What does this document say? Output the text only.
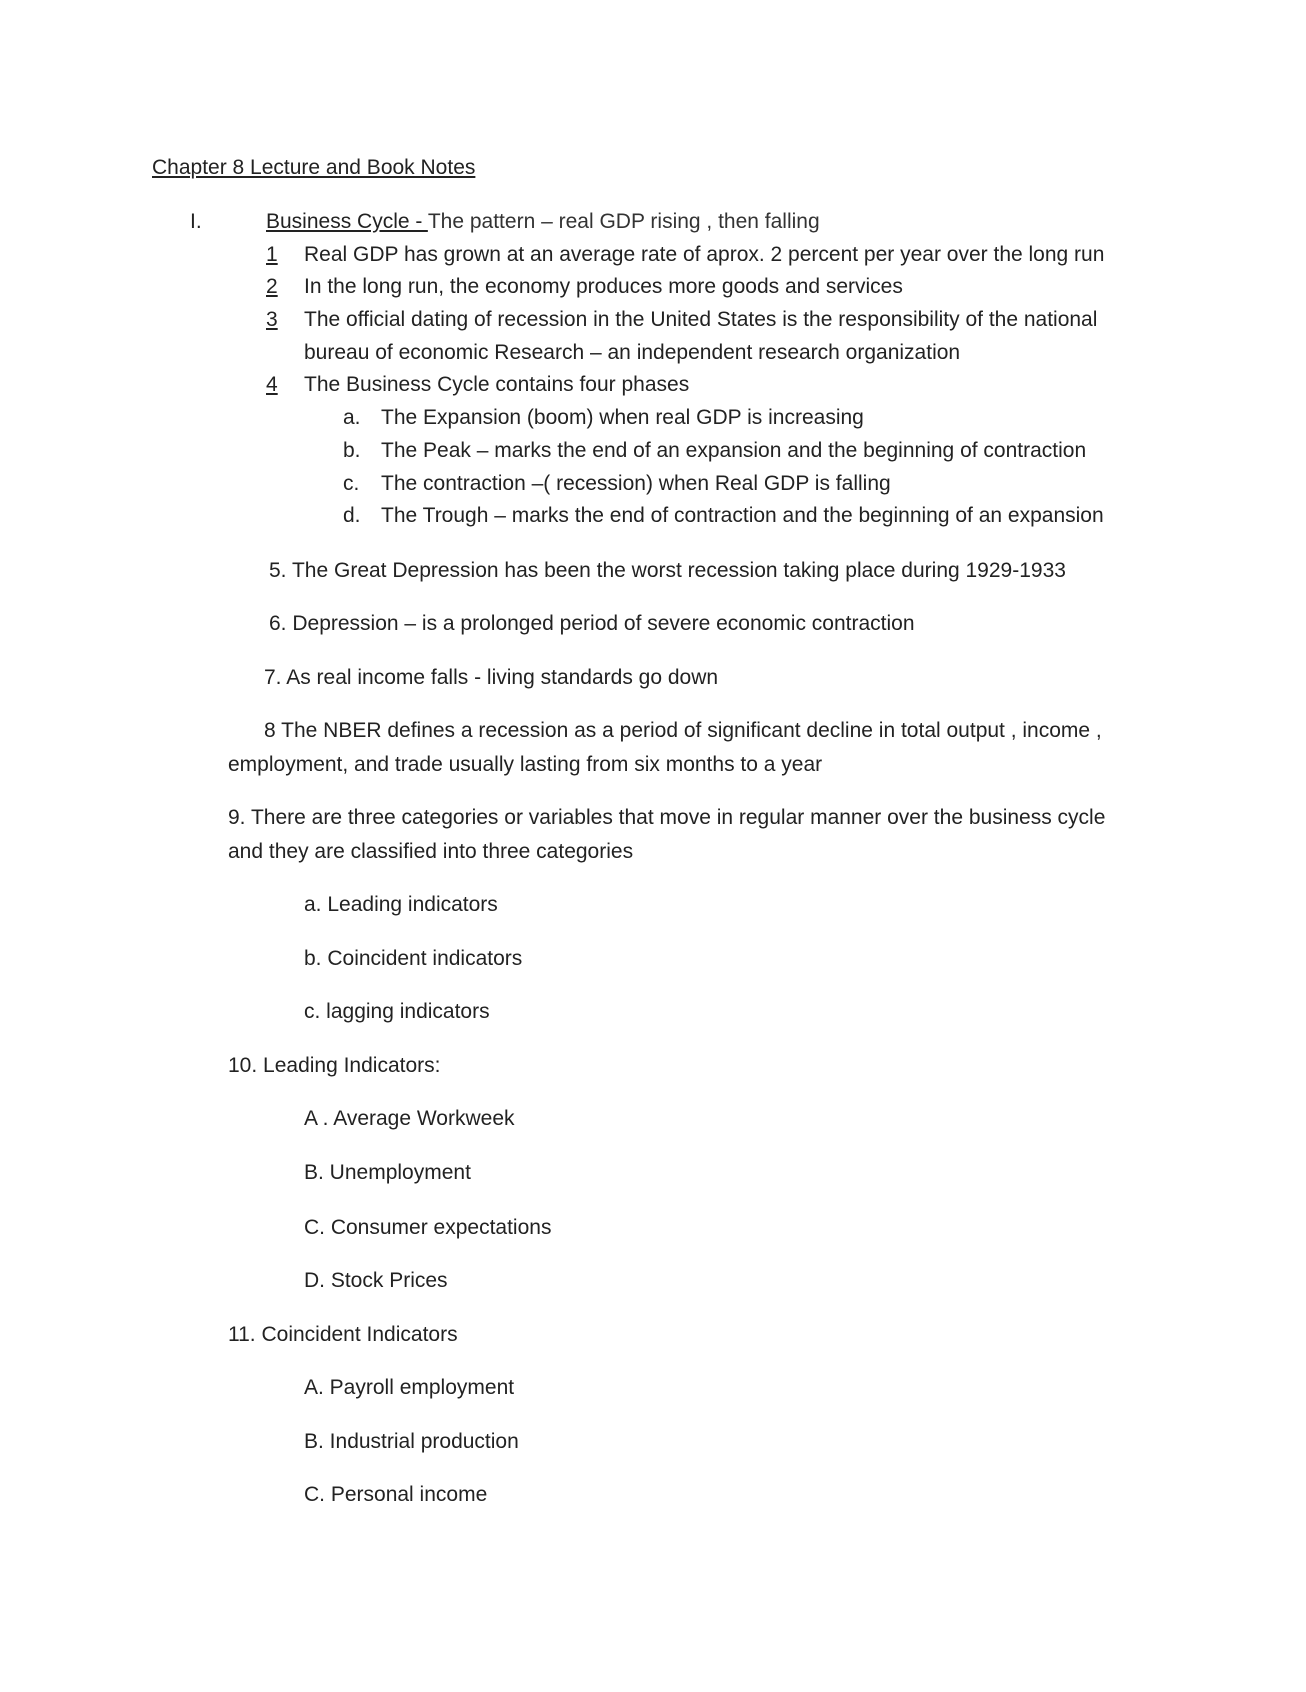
Chapter 8 Lecture and Book Notes
I.	Business Cycle - The pattern – real GDP rising , then falling
1 Real GDP has grown at an average rate of aprox. 2 percent per year over the long run
2 In the long run, the economy produces more goods and services
3 The official dating of recession in the United States is the responsibility of the national
bureau of economic Research – an independent research organization
4 The Business Cycle contains four phases
a. The Expansion (boom) when real GDP is increasing
b. The Peak – marks the end of an expansion and the beginning of contraction
c. The contraction –( recession) when Real GDP is falling
d. The Trough – marks the end of contraction and the beginning of an expansion
5. The Great Depression has been the worst recession taking place during 1929-1933
6. Depression – is a prolonged period of severe economic contraction
7. As real income falls - living standards go down
8 The NBER defines a recession as a period of significant decline in total output , income ,
employment, and trade usually lasting from six months to a year
9. There are three categories or variables that move in regular manner over the business cycle
and they are classified into three categories
a. Leading indicators
b. Coincident indicators
c. lagging indicators
10. Leading Indicators:
A . Average Workweek
B. Unemployment
C. Consumer expectations
D. Stock Prices
11. Coincident Indicators
A. Payroll employment
B. Industrial production
C. Personal income
